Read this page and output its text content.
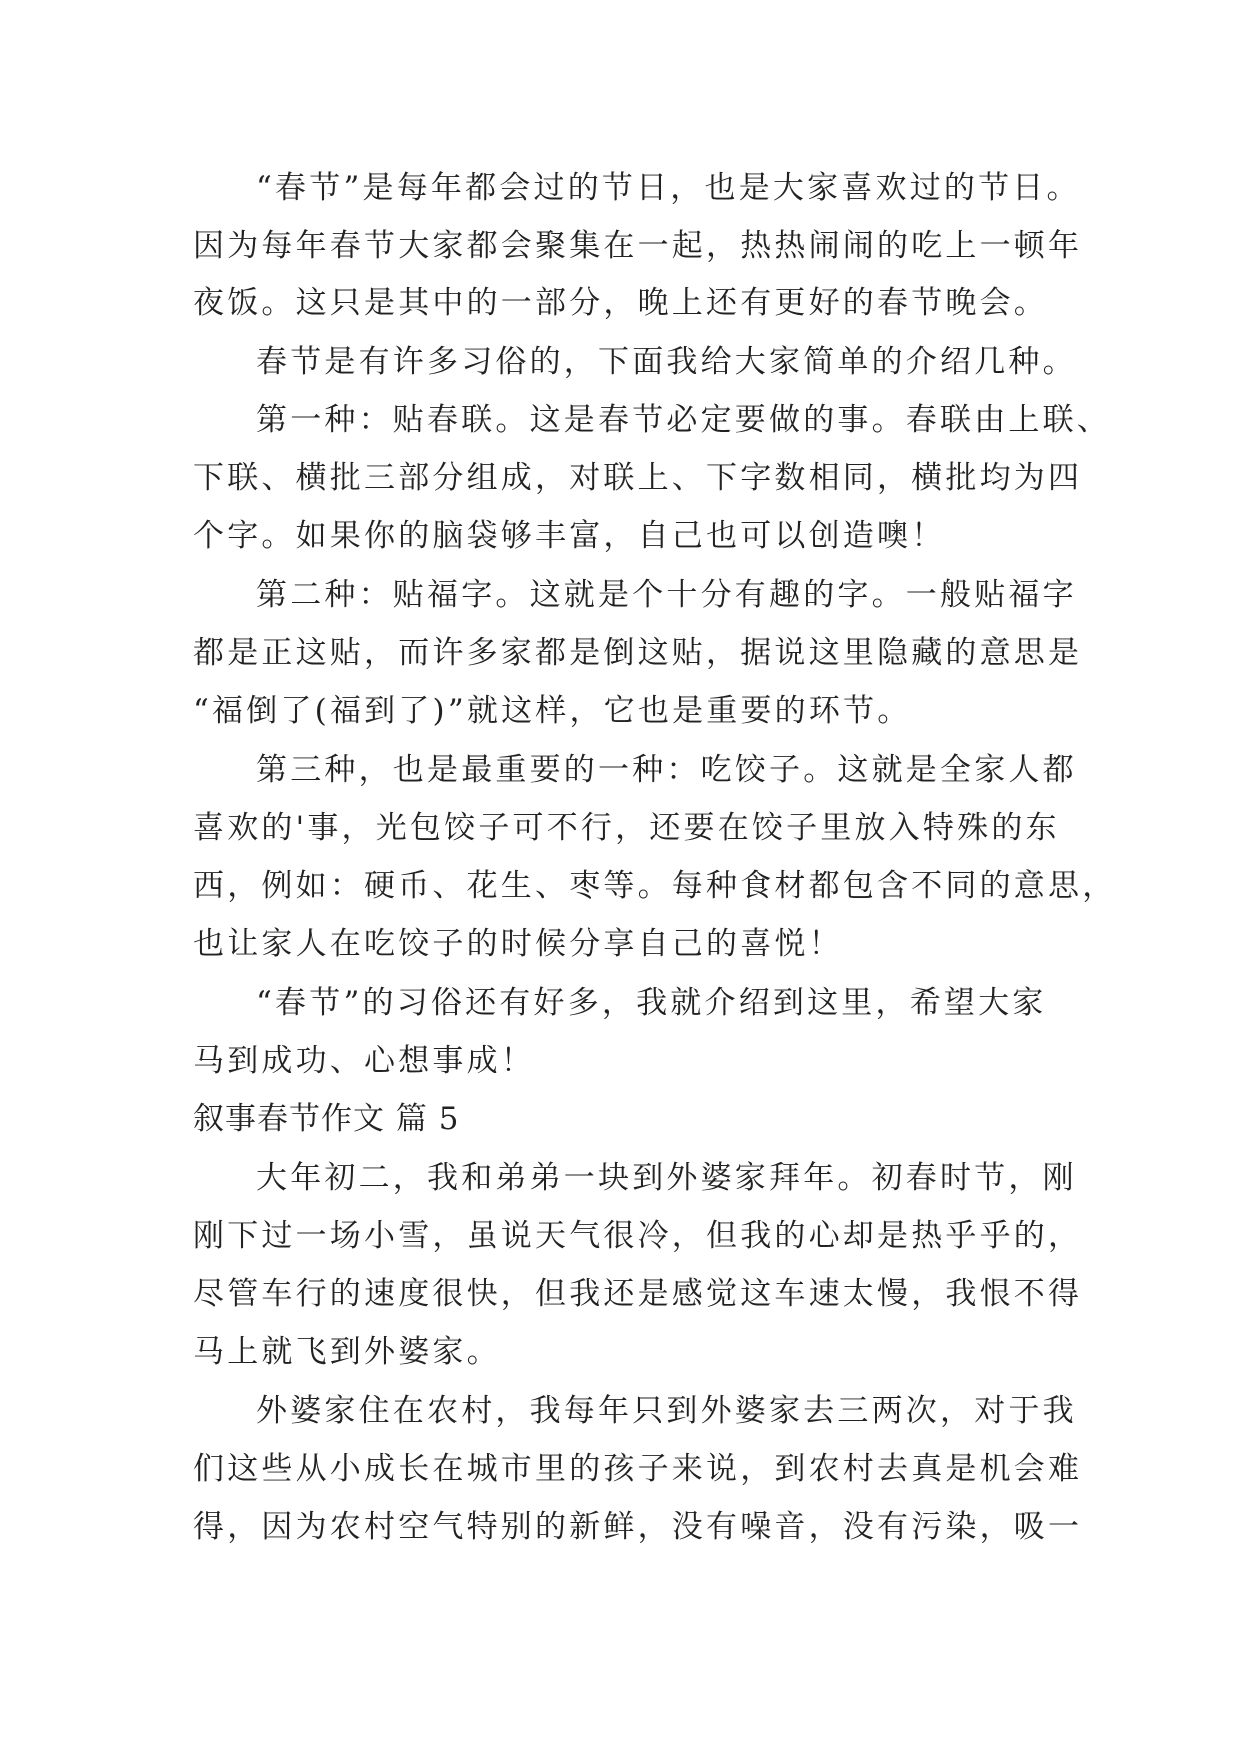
“春节”是每年都会过的节日，也是大家喜欢过的节日。
因为每年春节大家都会聚集在一起，热热闹闹的吃上一顿年
夜饭。这只是其中的一部分，晚上还有更好的春节晚会。
春节是有许多习俗的，下面我给大家简单的介绍几种。
第一种：贴春联。这是春节必定要做的事。春联由上联、
下联、横批三部分组成，对联上、下字数相同，横批均为四
个字。如果你的脑袋够丰富，自己也可以创造噢！
第二种：贴福字。这就是个十分有趣的字。一般贴福字
都是正这贴，而许多家都是倒这贴，据说这里隐藏的意思是
“福倒了(福到了)”就这样，它也是重要的环节。
第三种，也是最重要的一种：吃饺子。这就是全家人都
喜欢的'事，光包饺子可不行，还要在饺子里放入特殊的东
西，例如：硬币、花生、枣等。每种食材都包含不同的意思，
也让家人在吃饺子的时候分享自己的喜悦！
“春节”的习俗还有好多，我就介绍到这里，希望大家
马到成功、心想事成！
叙事春节作文 篇 5
大年初二，我和弟弟一块到外婆家拜年。初春时节，刚
刚下过一场小雪，虽说天气很冷，但我的心却是热乎乎的，
尽管车行的速度很快，但我还是感觉这车速太慢，我恨不得
马上就飞到外婆家。
外婆家住在农村，我每年只到外婆家去三两次，对于我
们这些从小成长在城市里的孩子来说，到农村去真是机会难
得，因为农村空气特别的新鲜，没有噪音，没有污染，吸一
